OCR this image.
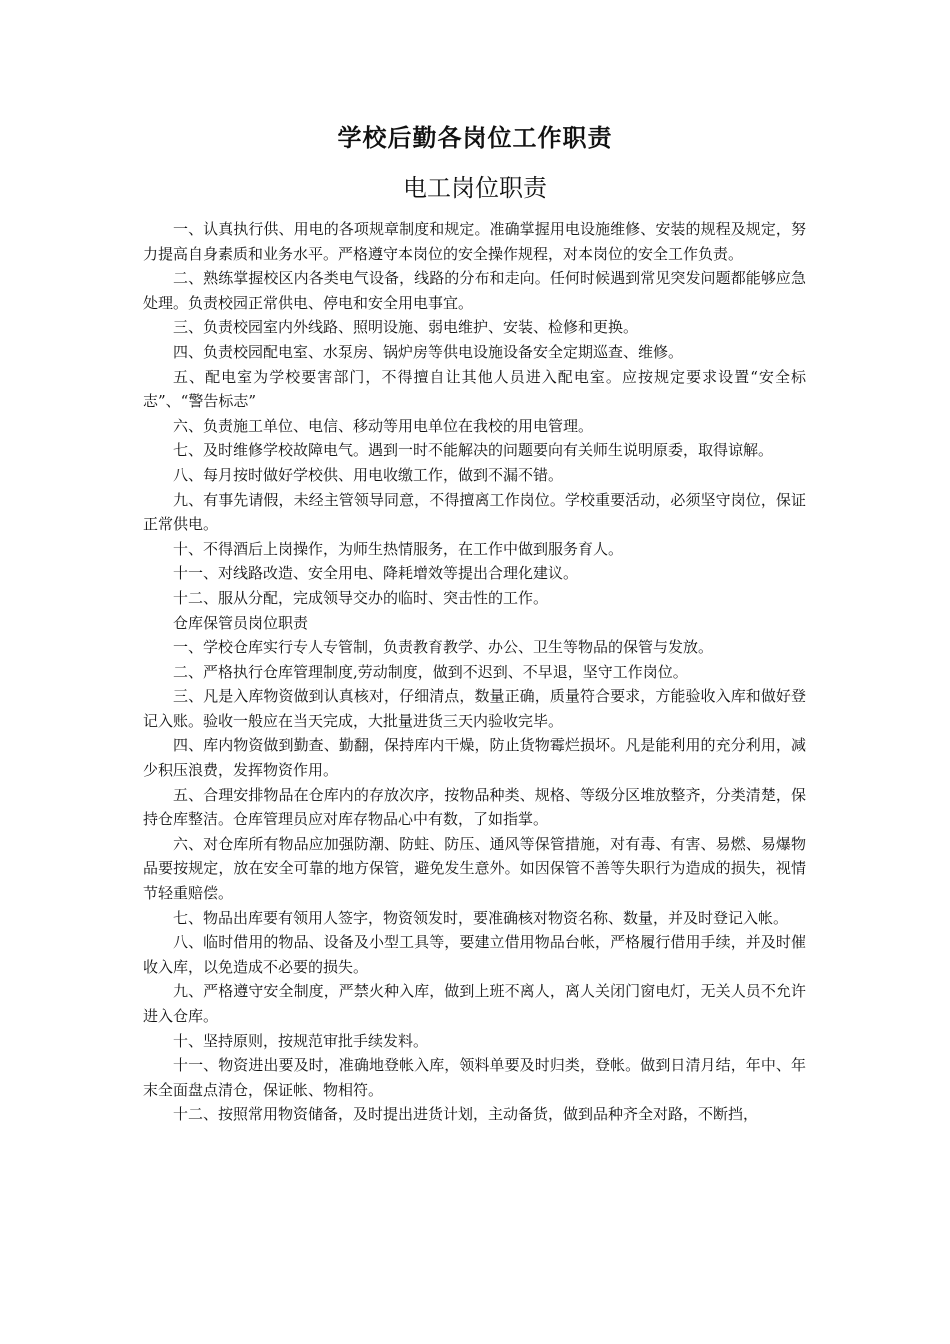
学校后勤各岗位工作职责
电工岗位职责

一、认真执行供、用电的各项规章制度和规定。准确掌握用电设施维修、安装的规程及规定，努力提高自身素质和业务水平。严格遵守本岗位的安全操作规程，对本岗位的安全工作负责。

二、熟练掌握校区内各类电气设备，线路的分布和走向。任何时候遇到常见突发问题都能够应急处理。负责校园正常供电、停电和安全用电事宜。

三、负责校园室内外线路、照明设施、弱电维护、安装、检修和更换。

四、负责校园配电室、水泵房、锅炉房等供电设施设备安全定期巡查、维修。

五、配电室为学校要害部门，不得擅自让其他人员进入配电室。应按规定要求设置“安全标志”、“警告标志”

六、负责施工单位、电信、移动等用电单位在我校的用电管理。

七、及时维修学校故障电气。遇到一时不能解决的问题要向有关师生说明原委，取得谅解。

八、每月按时做好学校供、用电收缴工作，做到不漏不错。

九、有事先请假，未经主管领导同意，不得擅离工作岗位。学校重要活动，必须坚守岗位，保证正常供电。

十、不得酒后上岗操作，为师生热情服务，在工作中做到服务育人。

十一、对线路改造、安全用电、降耗增效等提出合理化建议。

十二、服从分配，完成领导交办的临时、突击性的工作。

仓库保管员岗位职责

一、学校仓库实行专人专管制，负责教育教学、办公、卫生等物品的保管与发放。

二、严格执行仓库管理制度,劳动制度，做到不迟到、不早退，坚守工作岗位。

三、凡是入库物资做到认真核对，仔细清点，数量正确，质量符合要求，方能验收入库和做好登记入账。验收一般应在当天完成，大批量进货三天内验收完毕。

四、库内物资做到勤查、勤翻，保持库内干燥，防止货物霉烂损坏。凡是能利用的充分利用，减少积压浪费，发挥物资作用。

五、合理安排物品在仓库内的存放次序，按物品种类、规格、等级分区堆放整齐，分类清楚，保持仓库整洁。仓库管理员应对库存物品心中有数，了如指掌。

六、对仓库所有物品应加强防潮、防蛀、防压、通风等保管措施，对有毒、有害、易燃、易爆物品要按规定，放在安全可靠的地方保管，避免发生意外。如因保管不善等失职行为造成的损失，视情节轻重赔偿。

七、物品出库要有领用人签字，物资领发时，要准确核对物资名称、数量，并及时登记入帐。

八、临时借用的物品、设备及小型工具等，要建立借用物品台帐，严格履行借用手续，并及时催收入库，以免造成不必要的损失。

九、严格遵守安全制度，严禁火种入库，做到上班不离人，离人关闭门窗电灯，无关人员不允许进入仓库。

十、坚持原则，按规范审批手续发料。

十一、物资进出要及时，准确地登帐入库，领料单要及时归类，登帐。做到日清月结，年中、年末全面盘点清仓，保证帐、物相符。

十二、按照常用物资储备，及时提出进货计划，主动备货，做到品种齐全对路，不断挡，
